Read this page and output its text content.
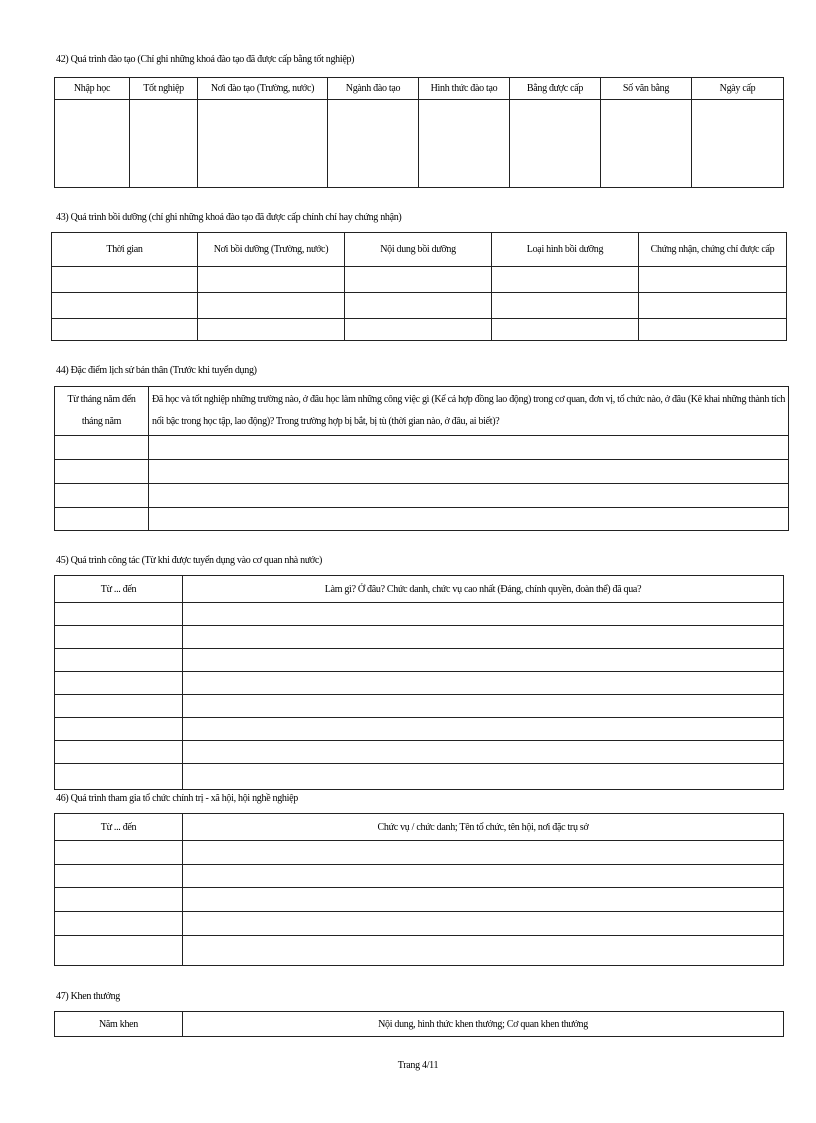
42) Quá trình đào tạo (Chỉ ghi những khoá đào tạo đã được cấp bằng tốt nghiệp)
Nhập học	Tốt nghiệp	Nơi đào tạo (Trường, nước)	Ngành đào tạo	Hình thức đào tạo	Bằng được cấp	Số văn bằng	Ngày cấp

43) Quá trình bồi dưỡng (chỉ ghi những khoá đào tạo đã được cấp chính chỉ hay chứng nhận)
Thời gian	Nơi bồi dưỡng (Trường, nước)	Nội dung bồi dưỡng	Loại hình bồi dưỡng	Chứng nhận, chứng chỉ được cấp

44) Đặc điểm lịch sử bản thân (Trước khi tuyển dụng)
Từ tháng năm đến tháng năm	Đã học và tốt nghiệp những trường nào, ở đâu học làm những công việc gì (Kể cả hợp đồng lao động) trong cơ quan, đơn vị, tổ chức nào, ở đâu (Kê khai những thành tích nổi bậc trong học tập, lao động)? Trong trường hợp bị bắt, bị tù (thời gian nào, ở đâu, ai biết)?

45) Quá trình công tác (Từ khi được tuyển dụng vào cơ quan nhà nước)
Từ ... đến	Làm gì? Ở đâu? Chức danh, chức vụ cao nhất (Đảng, chính quyền, đoàn thể) đã qua?

46) Quá trình tham gia tổ chức chính trị - xã hội, hội nghề nghiệp
Từ ... đến	Chức vụ / chức danh; Tên tổ chức, tên hội, nơi đặc trụ sở

47) Khen thưởng
Năm khen	Nội dung, hình thức khen thưởng; Cơ quan khen thưởng
Trang 4/11
